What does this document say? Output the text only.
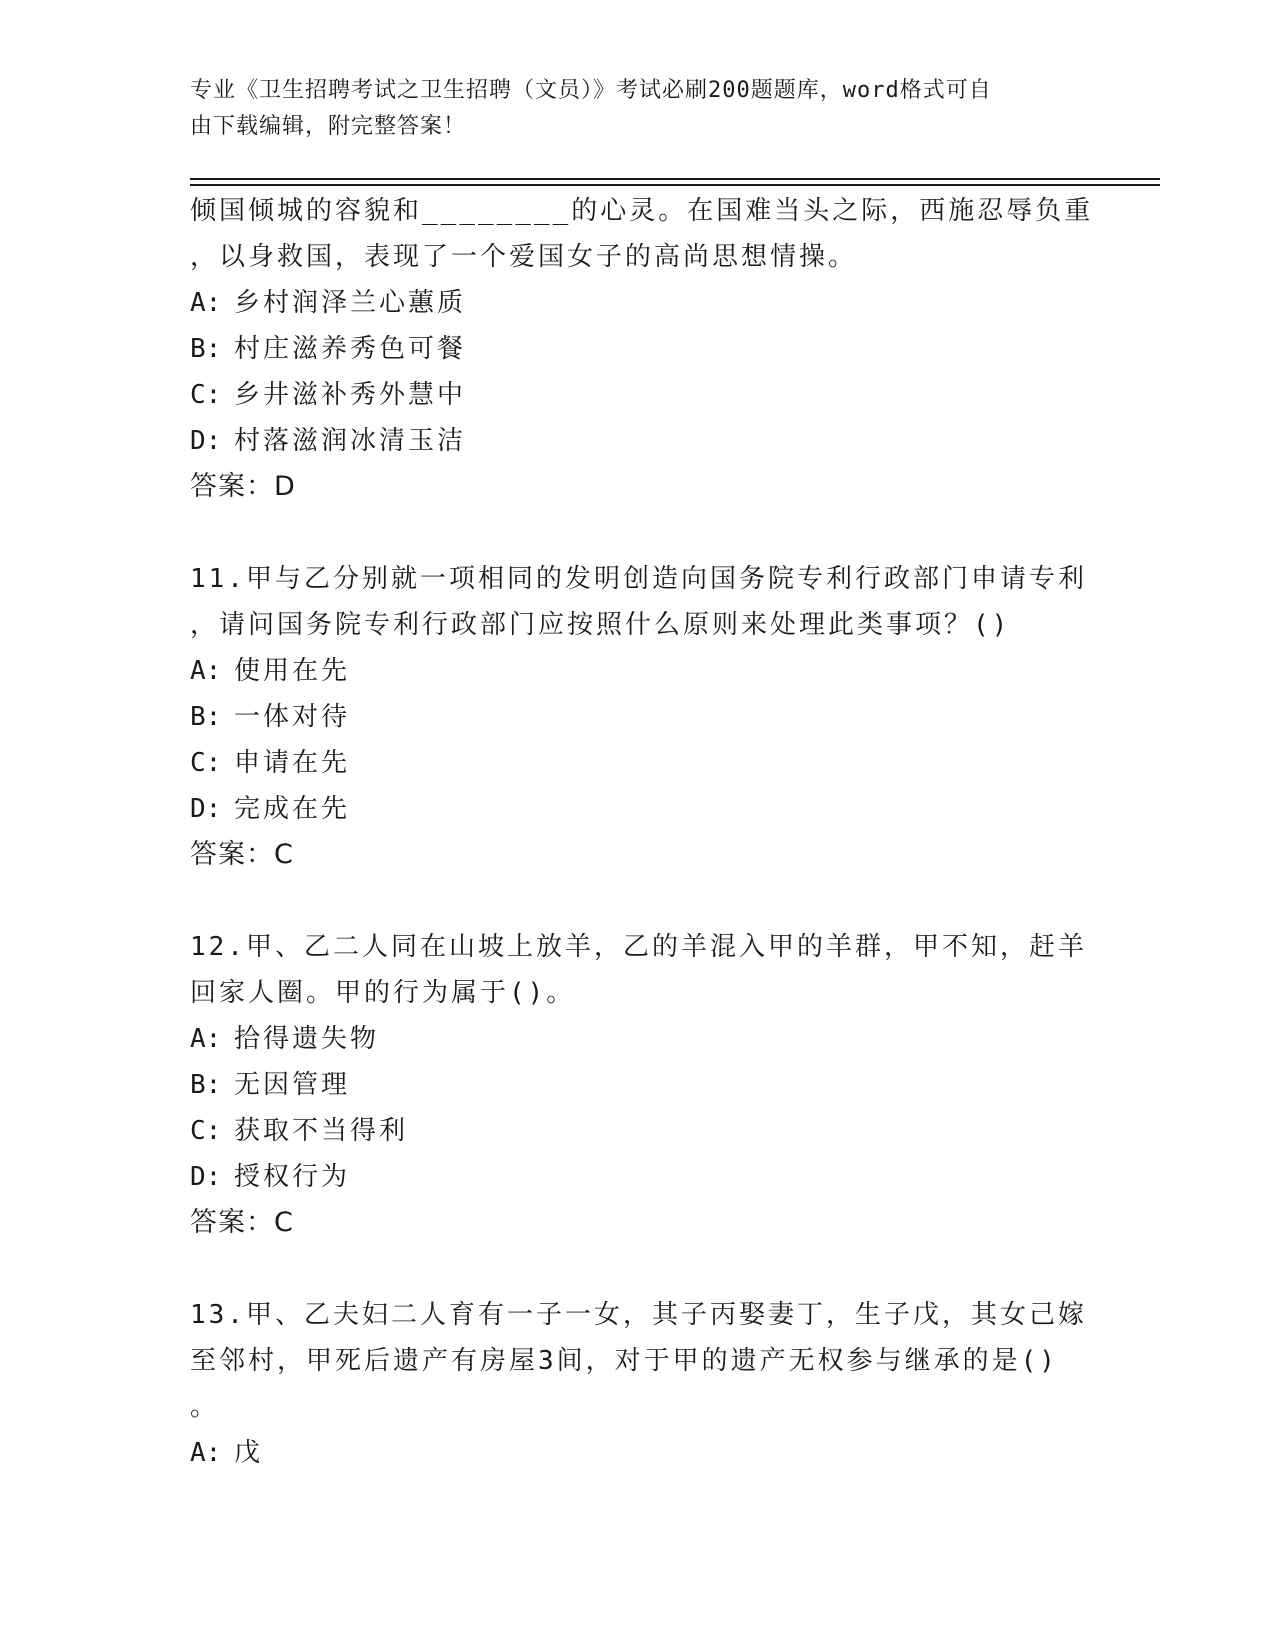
专业《卫生招聘考试之卫生招聘（文员）》考试必刷200题题库，word格式可自
由下载编辑，附完整答案！
倾国倾城的容貌和________的心灵。在国难当头之际，西施忍辱负重
，以身救国，表现了一个爱国女子的高尚思想情操。
A: 乡村润泽兰心蕙质
B: 村庄滋养秀色可餐
C: 乡井滋补秀外慧中
D: 村落滋润冰清玉洁
答案：D
11.甲与乙分别就一项相同的发明创造向国务院专利行政部门申请专利
，请问国务院专利行政部门应按照什么原则来处理此类事项？()
A: 使用在先
B: 一体对待
C: 申请在先
D: 完成在先
答案：C
12.甲、乙二人同在山坡上放羊，乙的羊混入甲的羊群，甲不知，赶羊
回家人圈。甲的行为属于()。
A: 拾得遗失物
B: 无因管理
C: 获取不当得利
D: 授权行为
答案：C
13.甲、乙夫妇二人育有一子一女，其子丙娶妻丁，生子戊，其女己嫁
至邻村，甲死后遗产有房屋3间，对于甲的遗产无权参与继承的是()
。
A: 戊
